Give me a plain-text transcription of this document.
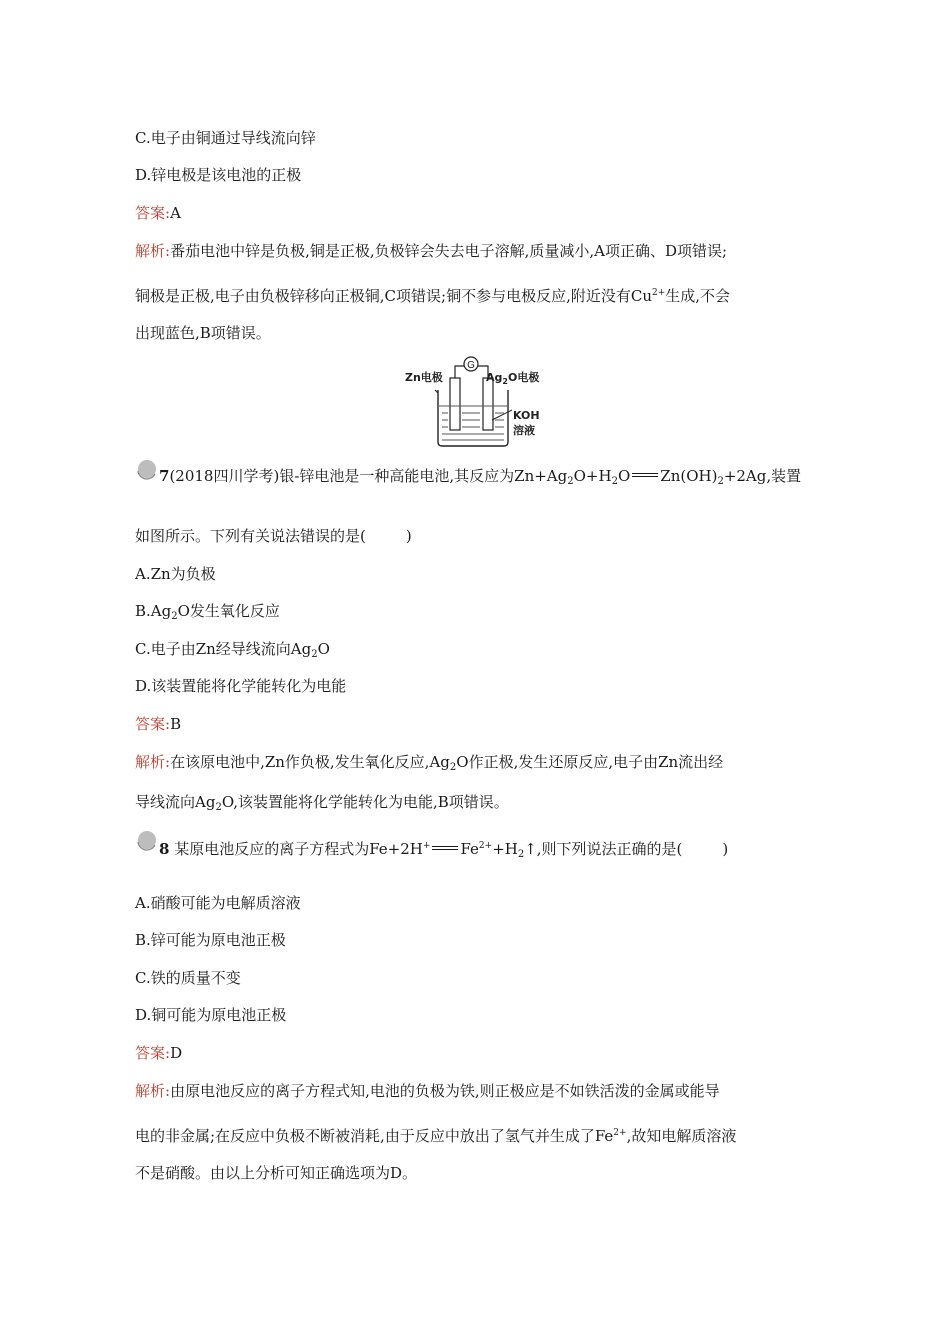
C.电子由铜通过导线流向锌
D.锌电极是该电池的正极
答案:A
解析:番茄电池中锌是负极,铜是正极,负极锌会失去电子溶解,质量减小,A项正确、D项错误;
铜极是正极,电子由负极锌移向正极铜,C项错误;铜不参与电极反应,附近没有$Cu^{2+}$生成,不会
出现蓝色,B项错误。
G
Zn电极	$Ag_2O$电极
KOH
溶液
7(2018四川学考)银-锌电池是一种高能电池,其反应为$Zn+Ag_2O+H_2O$ $Zn(OH)_2+2Ag$,装置
如图所示。下列有关说法错误的是(	)
A.Zn为负极
$B.Ag_2O$发生氧化反应
C.电子由Zn经导线流向$Ag_2O$
D.该装置能将化学能转化为电能
答案:B
解析:在该原电池中,Zn作负极,发生氧化反应$,Ag_2O$作正极,发生还原反应,电子由Zn流出经
导线流向$Ag_2O$,该装置能将化学能转化为电能,B项错误。
8 某原电池反应的离子方程式为Fe+2H+ $Fe^{2+}+H_2↑$,则下列说法正确的是(	)
A.硝酸可能为电解质溶液
B.锌可能为原电池正极
C.铁的质量不变
D.铜可能为原电池正极
答案:D
解析:由原电池反应的离子方程式知,电池的负极为铁,则正极应是不如铁活泼的金属或能导
电的非金属;在反应中负极不断被消耗,由于反应中放出了氢气并生成了$Fe^{2+}$,故知电解质溶液
不是硝酸。由以上分析可知正确选项为D。
